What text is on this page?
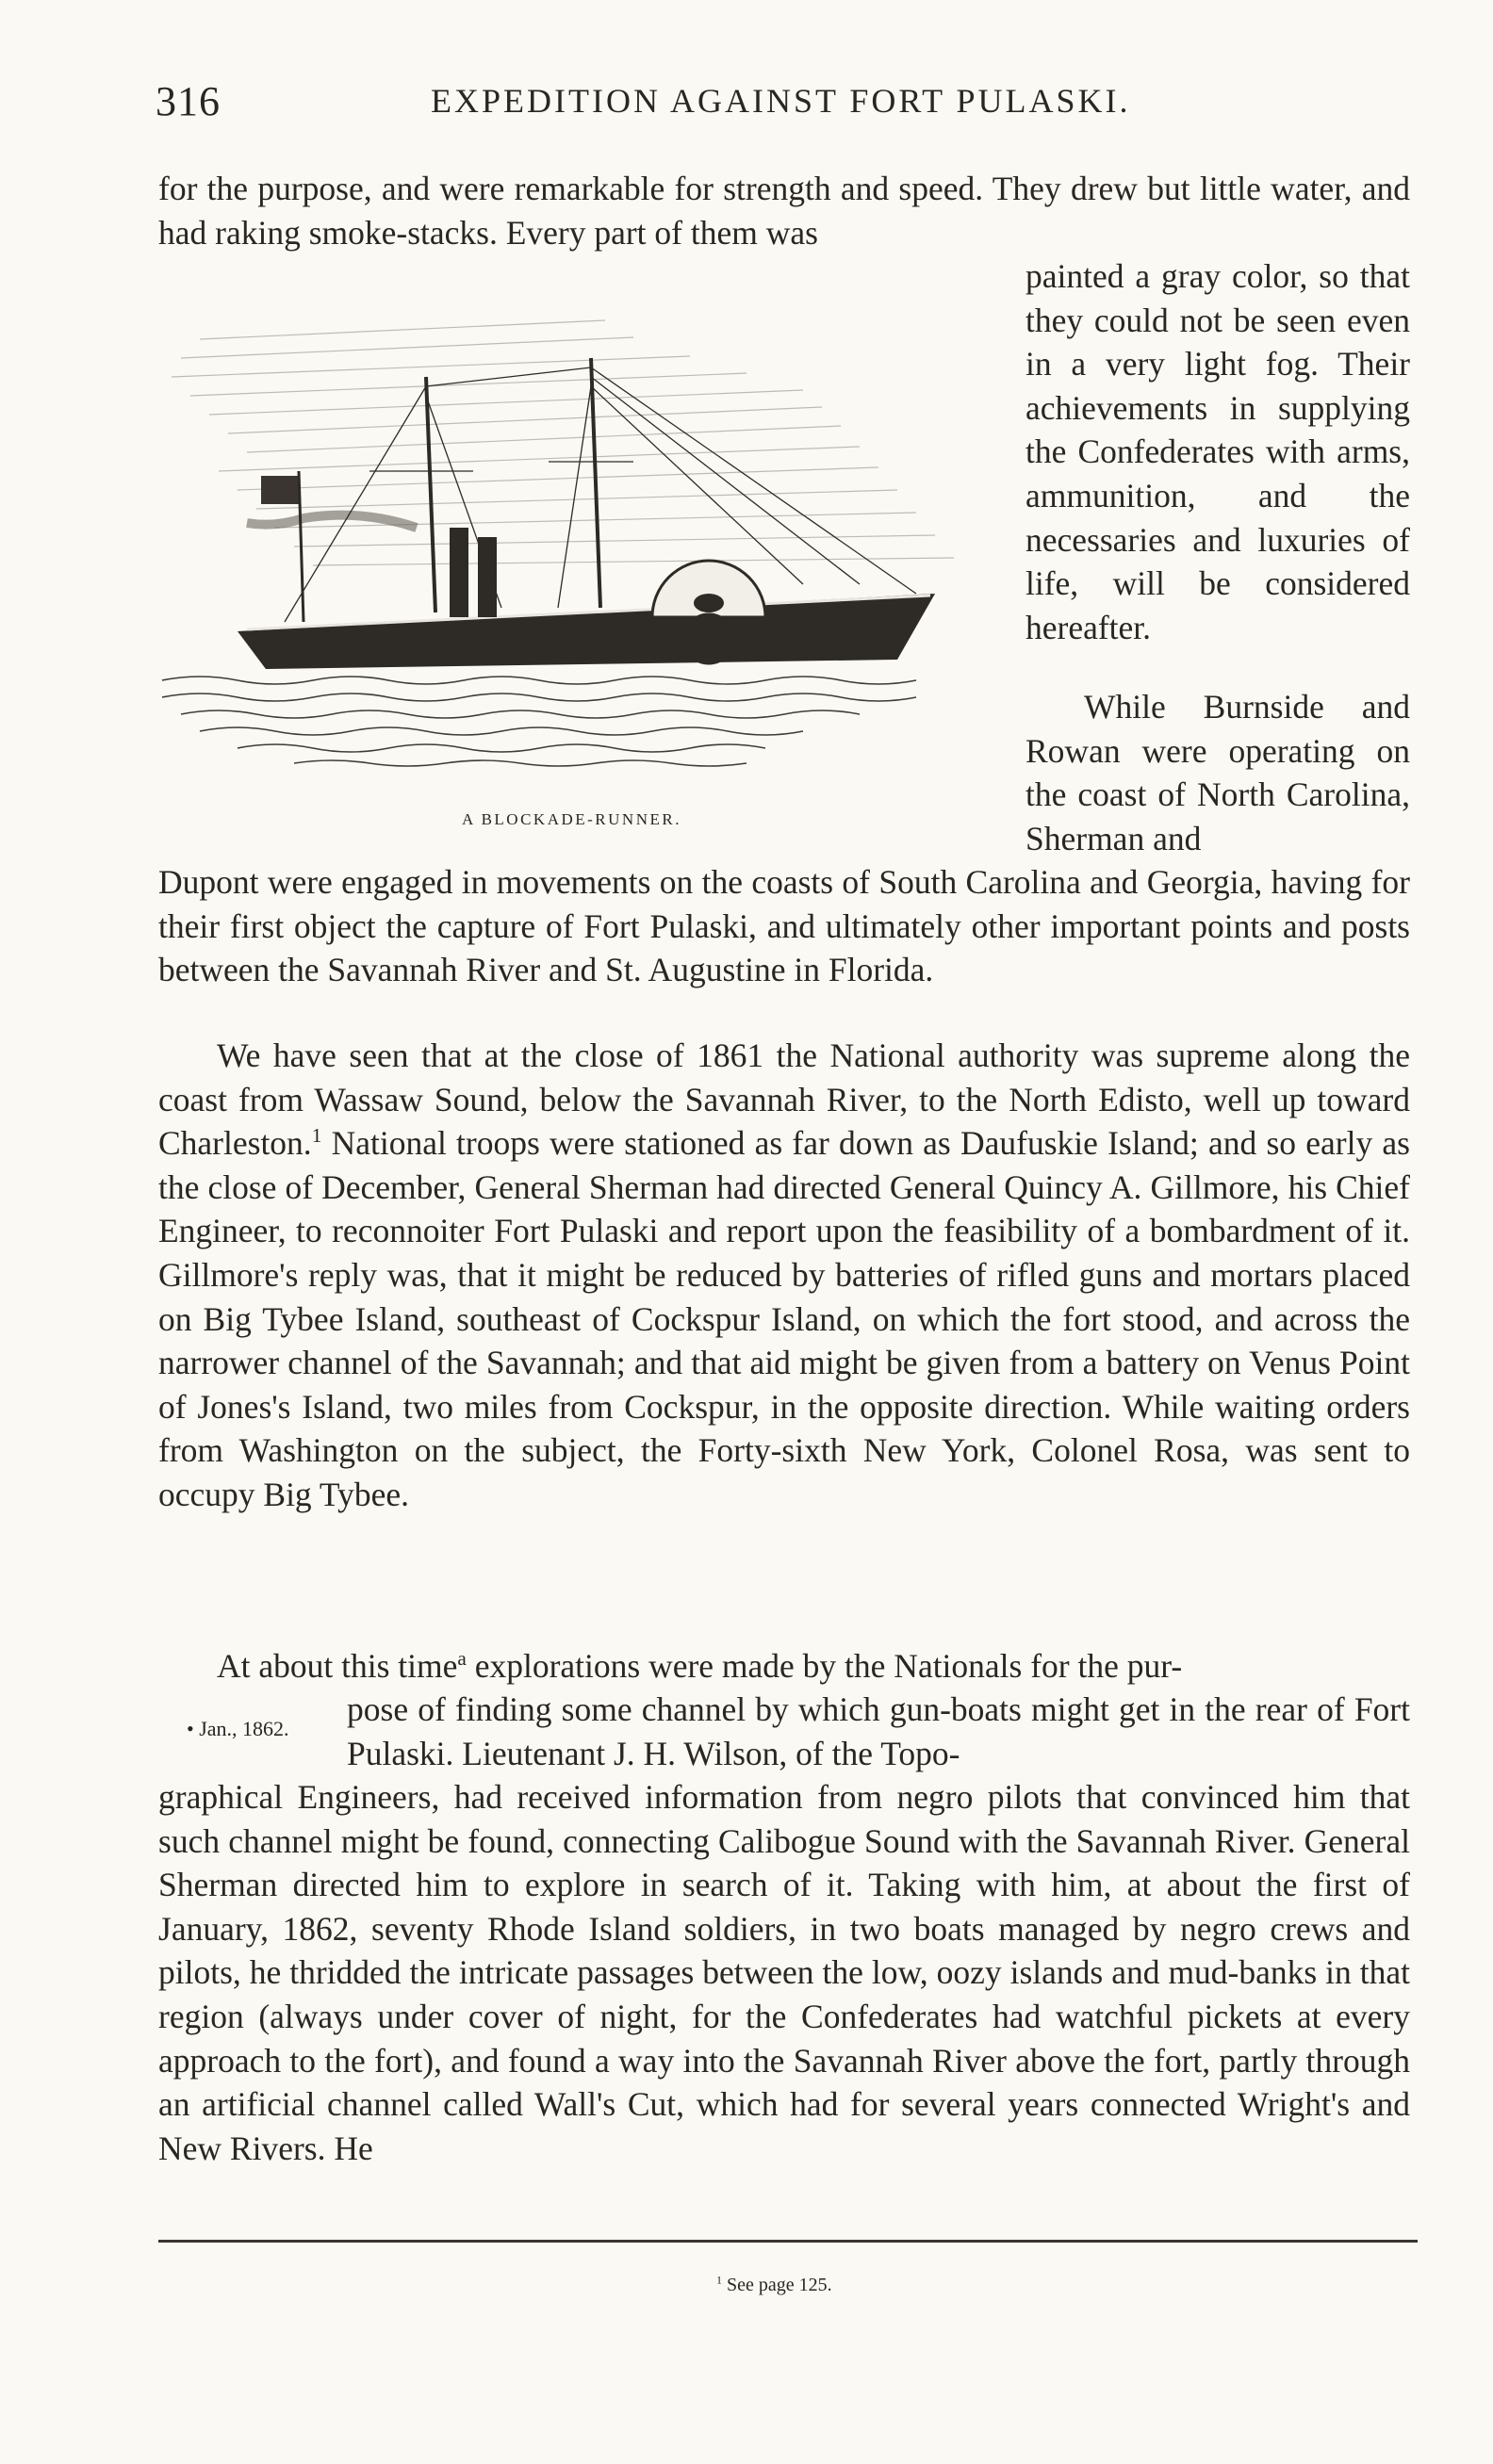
316	EXPEDITION AGAINST FORT PULASKI.

for the purpose, and were remarkable for strength and speed. They drew but little water, and had raking smoke-stacks. Every part of them was

painted a gray color, so that they could not be seen even in a very light fog. Their achievements in supplying the Confederates with arms, ammunition, and the necessaries and luxuries of life, will be considered hereafter.

While Burnside and Rowan were operating on the coast of North Carolina, Sherman and

A BLOCKADE-RUNNER.

Dupont were engaged in movements on the coasts of South Carolina and Georgia, having for their first object the capture of Fort Pulaski, and ultimately other important points and posts between the Savannah River and St. Augustine in Florida.

We have seen that at the close of 1861 the National authority was supreme along the coast from Wassaw Sound, below the Savannah River, to the North Edisto, well up toward Charleston.$^1$ National troops were stationed as far down as Daufuskie Island; and so early as the close of December, General Sherman had directed General Quincy A. Gillmore, his Chief Engineer, to reconnoiter Fort Pulaski and report upon the feasibility of a bombardment of it. Gillmore's reply was, that it might be reduced by batteries of rifled guns and mortars placed on Big Tybee Island, southeast of Cockspur Island, on which the fort stood, and across the narrower channel of the Savannah; and that aid might be given from a battery on Venus Point of Jones's Island, two miles from Cockspur, in the opposite direction. While waiting orders from Washington on the subject, the Forty-sixth New York, Colonel Rosa, was sent to occupy Big Tybee.

At about this time$^a$ explorations were made by the Nationals for the pur-

• Jan., 1862.

pose of finding some channel by which gun-boats might get in the rear of Fort Pulaski. Lieutenant J. H. Wilson, of the Topo-

graphical Engineers, had received information from negro pilots that convinced him that such channel might be found, connecting Calibogue Sound with the Savannah River. General Sherman directed him to explore in search of it. Taking with him, at about the first of January, 1862, seventy Rhode Island soldiers, in two boats managed by negro crews and pilots, he thridded the intricate passages between the low, oozy islands and mud-banks in that region (always under cover of night, for the Confederates had watchful pickets at every approach to the fort), and found a way into the Savannah River above the fort, partly through an artificial channel called Wall's Cut, which had for several years connected Wright's and New Rivers. He

$^1$ See page 125.
